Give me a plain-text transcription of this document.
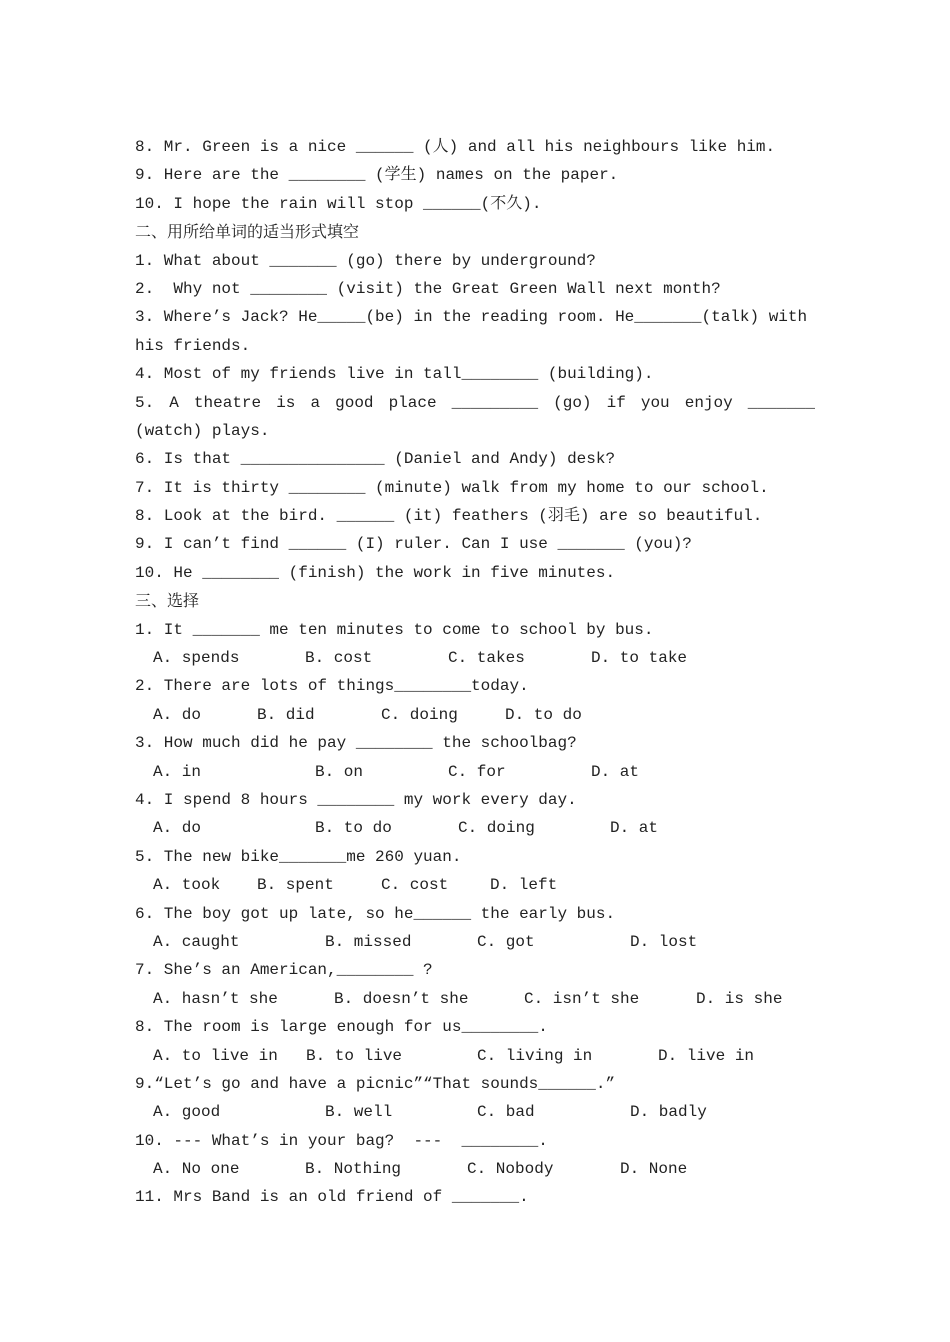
8. Mr. Green is a nice ______ (人) and all his neighbours like him.
9. Here are the ________ (学生) names on the paper.
10. I hope the rain will stop ______(不久).
二、用所给单词的适当形式填空
1. What about _______ (go) there by underground?
2.  Why not ________ (visit) the Great Green Wall next month?
3. Where’s Jack? He_____(be) in the reading room. He_______(talk) with
his friends.
4. Most of my friends live in tall________ (building).
5. A theatre is a good place _________ (go) if you enjoy _______
(watch) plays.
6. Is that _______________ (Daniel and Andy) desk?
7. It is thirty ________ (minute) walk from my home to our school.
8. Look at the bird. ______ (it) feathers (羽毛) are so beautiful.
9. I can’t find ______ (I) ruler. Can I use _______ (you)?
10. He ________ (finish) the work in five minutes.
三、选择
1. It _______ me ten minutes to come to school by bus.
A. spends	B. cost	C. takes	D. to take
2. There are lots of things________today.
A. do	B. did	C. doing	D. to do
3. How much did he pay ________ the schoolbag?
A. in	B. on	C. for	D. at
4. I spend 8 hours ________ my work every day.
A. do	B. to do	C. doing	D. at
5. The new bike_______me 260 yuan.
A. took B. spent	C. cost	D. left
6. The boy got up late, so he______ the early bus.
A. caught	B. missed	C. got	D. lost
7. She’s an American,________ ?
A. hasn’t she	B. doesn’t she	C. isn’t she	D. is she
8. The room is large enough for us________.
A. to live in B. to live	C. living in	D. live in
9.“Let’s go and have a picnic”“That sounds______.”
A. good	B. well	C. bad	D. badly
10. --- What’s in your bag?  ---  ________.
A. No one	B. Nothing	C. Nobody	D. None
11. Mrs Band is an old friend of _______.
